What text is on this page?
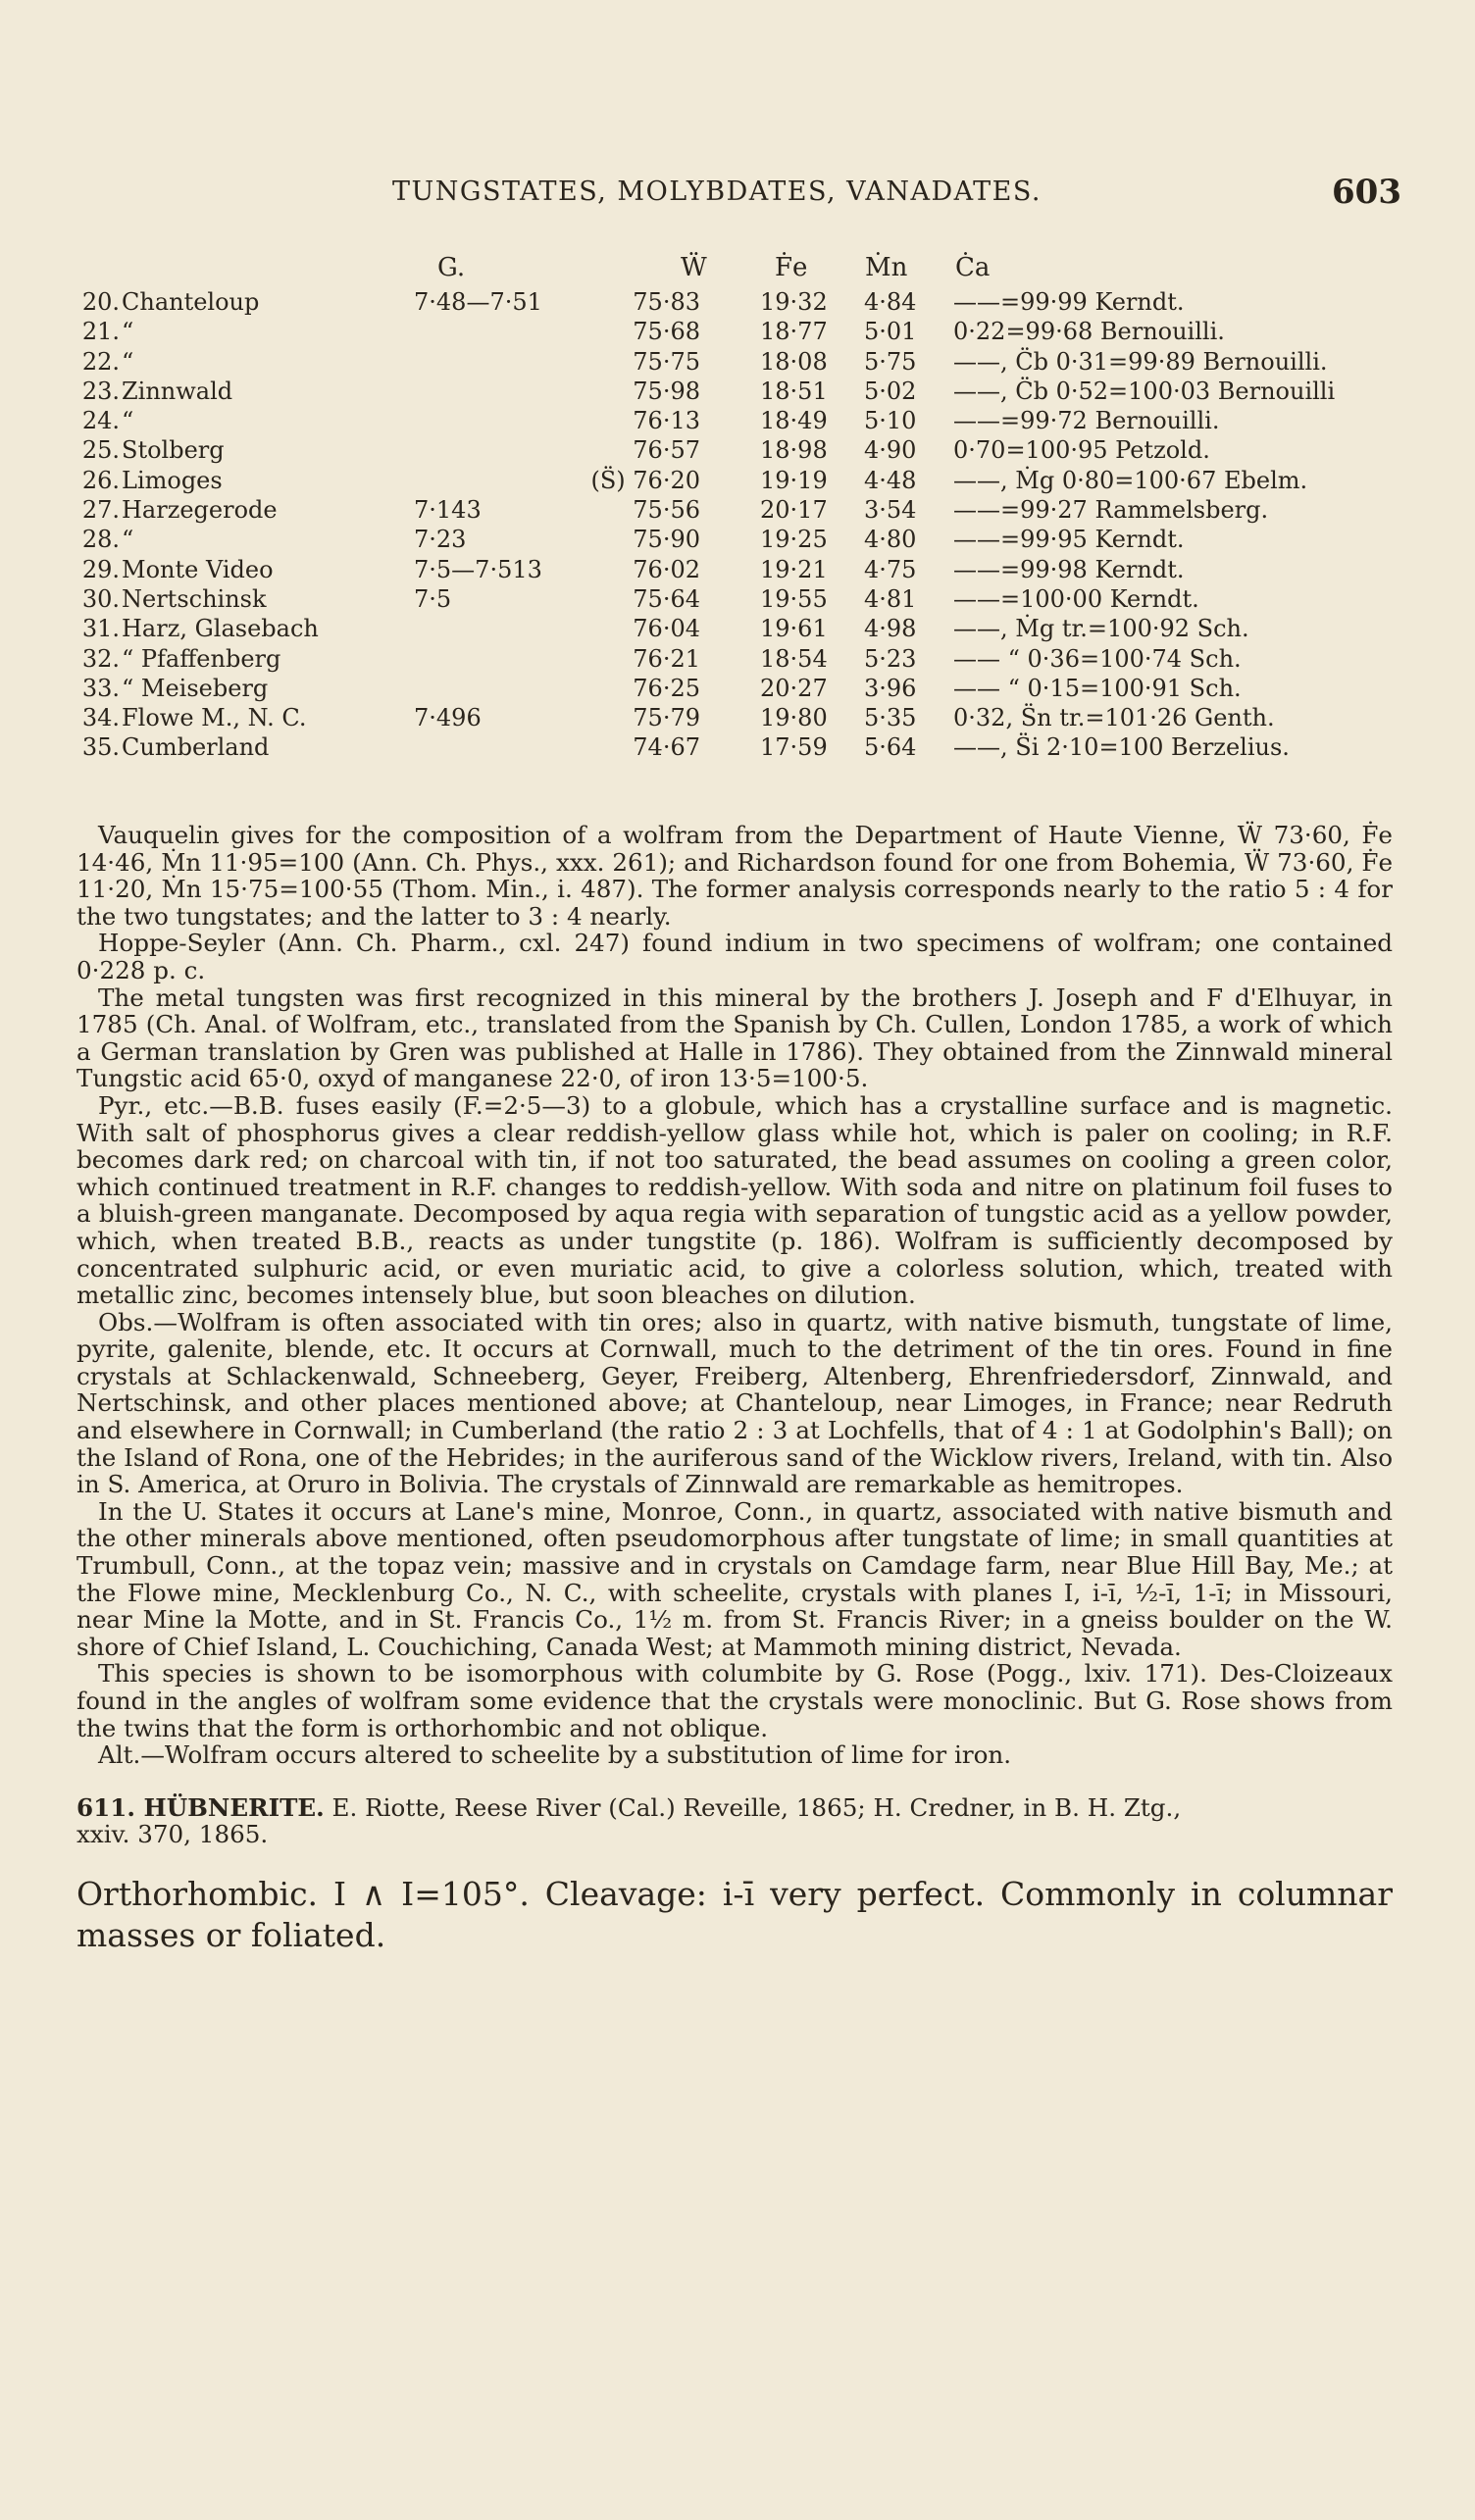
TUNGSTATES, MOLYBDATES, VANADATES.	603
G.	Ẅ	Ḟe Ṁn Ċa
20. Chanteloup	7·48—7·51	75·83	19·32 4·84 ——=99·99 Kerndt.
21. “	75·68	18·77 5·01 0·22=99·68 Bernouilli.
22. “	75·75	18·08 5·75 ——, C̈b 0·31=99·89 Bernouilli.
23. Zinnwald	75·98	18·51 5·02 ——, C̈b 0·52=100·03 Bernouilli
24. “	76·13	18·49 5·10 ——=99·72 Bernouilli.
25. Stolberg	76·57	18·98 4·90 0·70=100·95 Petzold.
26. Limoges	(S̈) 76·20	19·19 4·48 ——, Ṁg 0·80=100·67 Ebelm.
27. Harzegerode	7·143	75·56	20·17 3·54 ——=99·27 Rammelsberg.
28. “	7·23	75·90	19·25 4·80 ——=99·95 Kerndt.
29. Monte Video	7·5—7·513	76·02	19·21 4·75 ——=99·98 Kerndt.
30. Nertschinsk	7·5	75·64	19·55 4·81 ——=100·00 Kerndt.
31. Harz, Glasebach	76·04	19·61 4·98 ——, Ṁg tr.=100·92 Sch.
32. “ Pfaffenberg	76·21	18·54 5·23 —— “ 0·36=100·74 Sch.
33. “ Meiseberg	76·25	20·27 3·96 —— “ 0·15=100·91 Sch.
34. Flowe M., N. C.	7·496	75·79	19·80 5·35 0·32, S̈n tr.=101·26 Genth.
35. Cumberland	74·67	17·59 5·64 ——, S̈i 2·10=100 Berzelius.

Vauquelin gives for the composition of a wolfram from the Department of Haute Vienne, Ẅ 73·60, Ḟe 14·46, Ṁn 11·95=100 (Ann. Ch. Phys., xxx. 261); and Richardson found for one from Bohemia, Ẅ 73·60, Ḟe 11·20, Ṁn 15·75=100·55 (Thom. Min., i. 487). The former analysis corresponds nearly to the ratio 5 : 4 for the two tungstates; and the latter to 3 : 4 nearly.

Hoppe-Seyler (Ann. Ch. Pharm., cxl. 247) found indium in two specimens of wolfram; one contained 0·228 p. c.

The metal tungsten was first recognized in this mineral by the brothers J. Joseph and F d'Elhuyar, in 1785 (Ch. Anal. of Wolfram, etc., translated from the Spanish by Ch. Cullen, London 1785, a work of which a German translation by Gren was published at Halle in 1786). They obtained from the Zinnwald mineral Tungstic acid 65·0, oxyd of manganese 22·0, of iron 13·5=100·5.

Pyr., etc.—B.B. fuses easily (F.=2·5—3) to a globule, which has a crystalline surface and is magnetic. With salt of phosphorus gives a clear reddish-yellow glass while hot, which is paler on cooling; in R.F. becomes dark red; on charcoal with tin, if not too saturated, the bead assumes on cooling a green color, which continued treatment in R.F. changes to reddish-yellow. With soda and nitre on platinum foil fuses to a bluish-green manganate. Decomposed by aqua regia with separation of tungstic acid as a yellow powder, which, when treated B.B., reacts as under tungstite (p. 186). Wolfram is sufficiently decomposed by concentrated sulphuric acid, or even muriatic acid, to give a colorless solution, which, treated with metallic zinc, becomes intensely blue, but soon bleaches on dilution.

Obs.—Wolfram is often associated with tin ores; also in quartz, with native bismuth, tungstate of lime, pyrite, galenite, blende, etc. It occurs at Cornwall, much to the detriment of the tin ores. Found in fine crystals at Schlackenwald, Schneeberg, Geyer, Freiberg, Altenberg, Ehrenfriedersdorf, Zinnwald, and Nertschinsk, and other places mentioned above; at Chanteloup, near Limoges, in France; near Redruth and elsewhere in Cornwall; in Cumberland (the ratio 2 : 3 at Lochfells, that of 4 : 1 at Godolphin's Ball); on the Island of Rona, one of the Hebrides; in the auriferous sand of the Wicklow rivers, Ireland, with tin. Also in S. America, at Oruro in Bolivia. The crystals of Zinnwald are remarkable as hemitropes.

In the U. States it occurs at Lane's mine, Monroe, Conn., in quartz, associated with native bismuth and the other minerals above mentioned, often pseudomorphous after tungstate of lime; in small quantities at Trumbull, Conn., at the topaz vein; massive and in crystals on Camdage farm, near Blue Hill Bay, Me.; at the Flowe mine, Mecklenburg Co., N. C., with scheelite, crystals with planes I, i-ī, ½-ī, 1-ī; in Missouri, near Mine la Motte, and in St. Francis Co., 1½ m. from St. Francis River; in a gneiss boulder on the W. shore of Chief Island, L. Couchiching, Canada West; at Mammoth mining district, Nevada.

This species is shown to be isomorphous with columbite by G. Rose (Pogg., lxiv. 171). Des-Cloizeaux found in the angles of wolfram some evidence that the crystals were monoclinic. But G. Rose shows from the twins that the form is orthorhombic and not oblique.

Alt.—Wolfram occurs altered to scheelite by a substitution of lime for iron.

611. HÜBNERITE. E. Riotte, Reese River (Cal.) Reveille, 1865; H. Credner, in B. H. Ztg.,

xxiv. 370, 1865.

Orthorhombic. I ∧ I=105°. Cleavage: i-ī very perfect. Commonly in columnar masses or foliated.
